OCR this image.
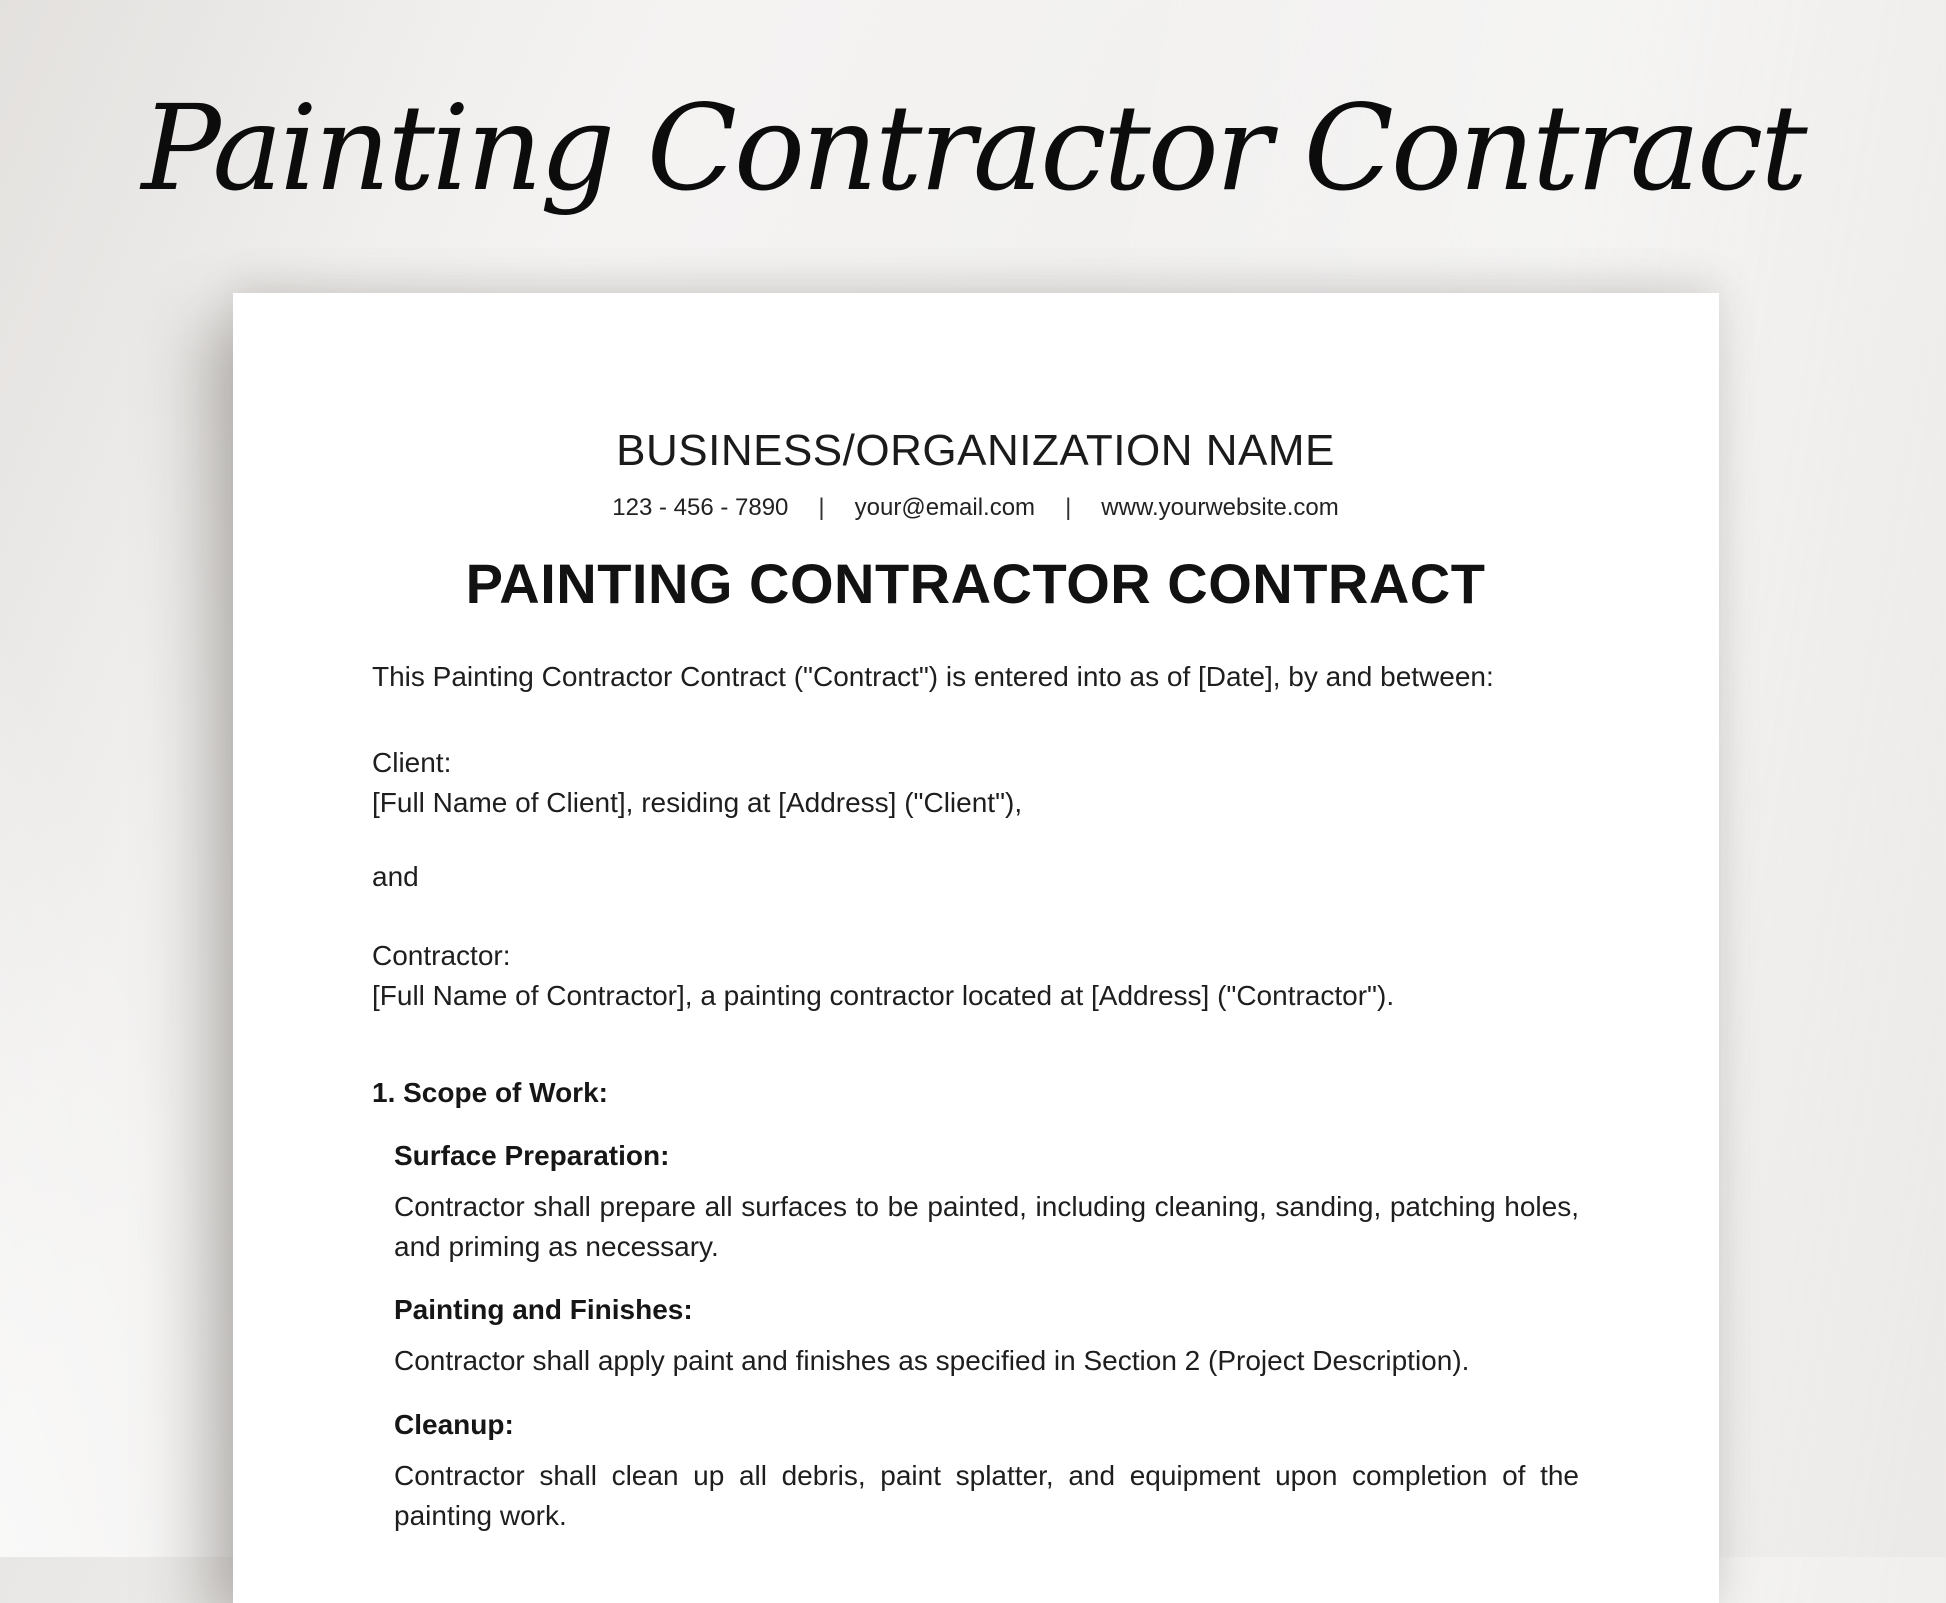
Painting Contractor Contract
BUSINESS/ORGANIZATION NAME
123 - 456 - 7890 | your@email.com | www.yourwebsite.com
PAINTING CONTRACTOR CONTRACT

This Painting Contractor Contract ("Contract") is entered into as of [Date], by and between:

Client:
[Full Name of Client], residing at [Address] ("Client"),

and

Contractor:
[Full Name of Contractor], a painting contractor located at [Address] ("Contractor").

1. Scope of Work:
Surface Preparation:

Contractor shall prepare all surfaces to be painted, including cleaning, sanding, patching holes, and priming as necessary.

Painting and Finishes:

Contractor shall apply paint and finishes as specified in Section 2 (Project Description).

Cleanup:

Contractor shall clean up all debris, paint splatter, and equipment upon completion of the painting work.
